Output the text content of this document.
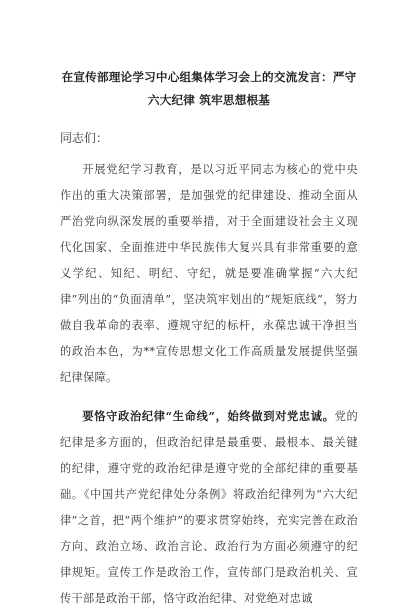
在宣传部理论学习中心组集体学习会上的交流发言：严守
六大纪律 筑牢思想根基

同志们：

开展党纪学习教育，是以习近平同志为核心的党中央作出的重大决策部署，是加强党的纪律建设、推动全面从严治党向纵深发展的重要举措，对于全面建设社会主义现代化国家、全面推进中华民族伟大复兴具有非常重要的意义学纪、知纪、明纪、守纪，就是要准确掌握“六大纪律”列出的“负面清单”，坚决筑牢划出的“规矩底线”，努力做自我革命的表率、遵规守纪的标杆，永葆忠诚干净担当的政治本色，为**宣传思想文化工作高质量发展提供坚强纪律保障。

要恪守政治纪律“生命线”，始终做到对党忠诚。党的纪律是多方面的，但政治纪律是最重要、最根本、最关键的纪律，遵守党的政治纪律是遵守党的全部纪律的重要基础。《中国共产党纪律处分条例》将政治纪律列为“六大纪律”之首，把“两个维护”的要求贯穿始终，充实完善在政治方向、政治立场、政治言论、政治行为方面必须遵守的纪律规矩。宣传工作是政治工作，宣传部门是政治机关、宣传干部是政治干部，恪守政治纪律、对党绝对忠诚
